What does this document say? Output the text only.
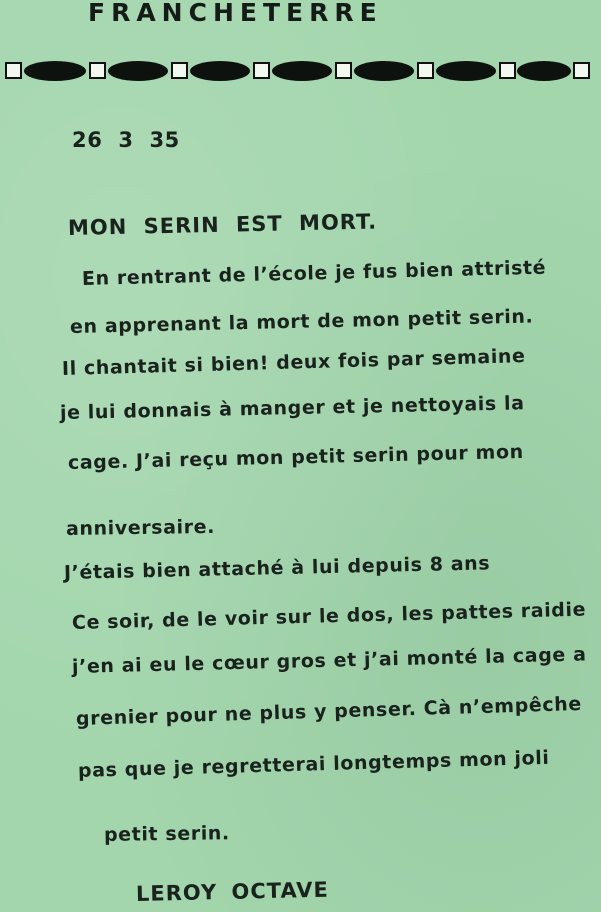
FRANCHETERRE
26 3 35
MON SERIN EST MORT.
En rentrant de l’école je fus bien attristé
en apprenant la mort de mon petit serin.
Il chantait si bien! deux fois par semaine
je lui donnais à manger et je nettoyais la
cage. J’ai reçu mon petit serin pour mon
anniversaire.
J’étais bien attaché à lui depuis 8 ans
Ce soir, de le voir sur le dos, les pattes raidie
j’en ai eu le cœur gros et j’ai monté la cage a
grenier pour ne plus y penser. Cà n’empêche
pas que je regretterai longtemps mon joli
petit serin.
LEROY OCTAVE
